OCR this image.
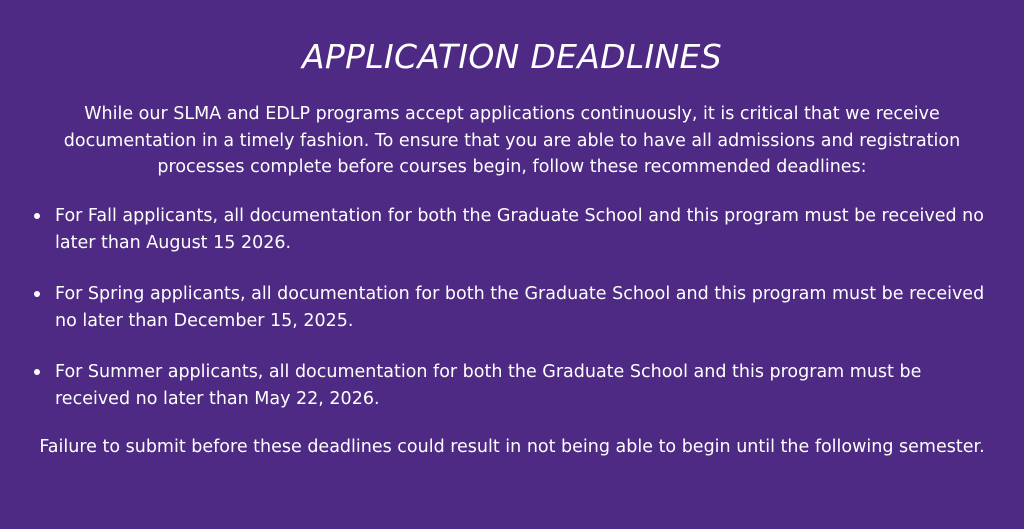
APPLICATION DEADLINES

While our SLMA and EDLP programs accept applications continuously, it is critical that we receive documentation in a timely fashion. To ensure that you are able to have all admissions and registration processes complete before courses begin, follow these recommended deadlines:

For Fall applicants, all documentation for both the Graduate School and this program must be received no later than August 15 2026.
For Spring applicants, all documentation for both the Graduate School and this program must be received no later than December 15, 2025.
For Summer applicants, all documentation for both the Graduate School and this program must be received no later than May 22, 2026.

Failure to submit before these deadlines could result in not being able to begin until the following semester.
